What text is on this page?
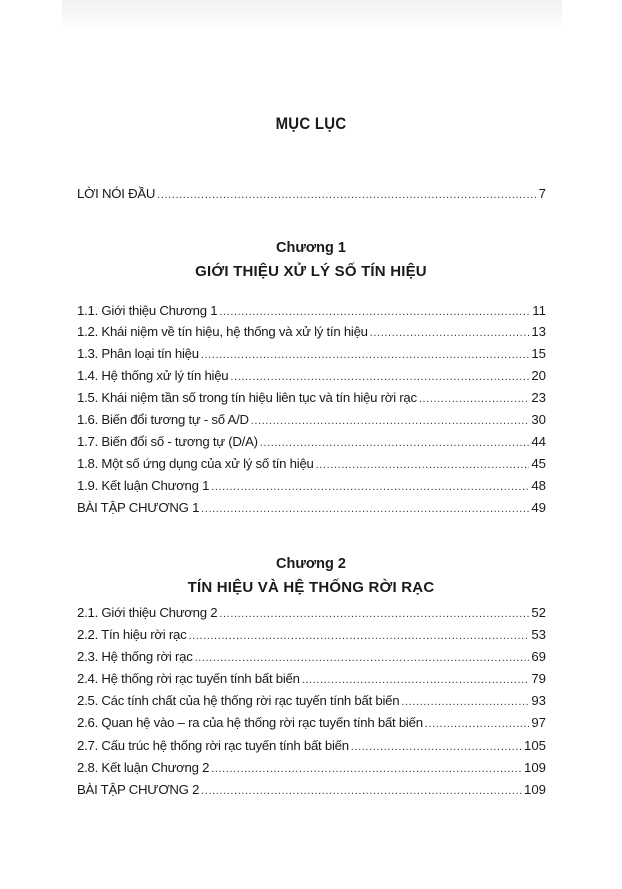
MỤC LỤC
LỜI NÓI ĐẦU .....	7
Chương 1
GIỚI THIỆU XỬ LÝ SỐ TÍN HIỆU
1.1. Giới thiệu Chương 1 .....	11
1.2. Khái niệm về tín hiệu, hệ thống và xử lý tín hiệu .....	13
1.3. Phân loại tín hiệu .....	15
1.4. Hệ thống xử lý tín hiệu .....	20
1.5. Khái niệm tần số trong tín hiệu liên tục và tín hiệu rời rạc .....	23
1.6. Biến đổi tương tự - số A/D .....	30
1.7. Biến đổi số - tương tự (D/A) .....	44
1.8. Một số ứng dụng của xử lý số tín hiệu .....	45
1.9. Kết luận Chương 1 .....	48
BÀI TẬP CHƯƠNG 1 .....	49
Chương 2
TÍN HIỆU VÀ HỆ THỐNG RỜI RẠC
2.1. Giới thiệu Chương 2 .....	52
2.2. Tín hiệu rời rạc .....	53
2.3. Hệ thống rời rạc .....	69
2.4. Hệ thống rời rạc tuyến tính bất biến .....	79
2.5. Các tính chất của hệ thống rời rạc tuyến tính bất biến .....	93
2.6. Quan hệ vào – ra của hệ thống rời rạc tuyến tính bất biến .....	97
2.7. Cấu trúc hệ thống rời rạc tuyến tính bất biến .....	105
2.8. Kết luận Chương 2 .....	109
BÀI TẬP CHƯƠNG 2 .....	109
